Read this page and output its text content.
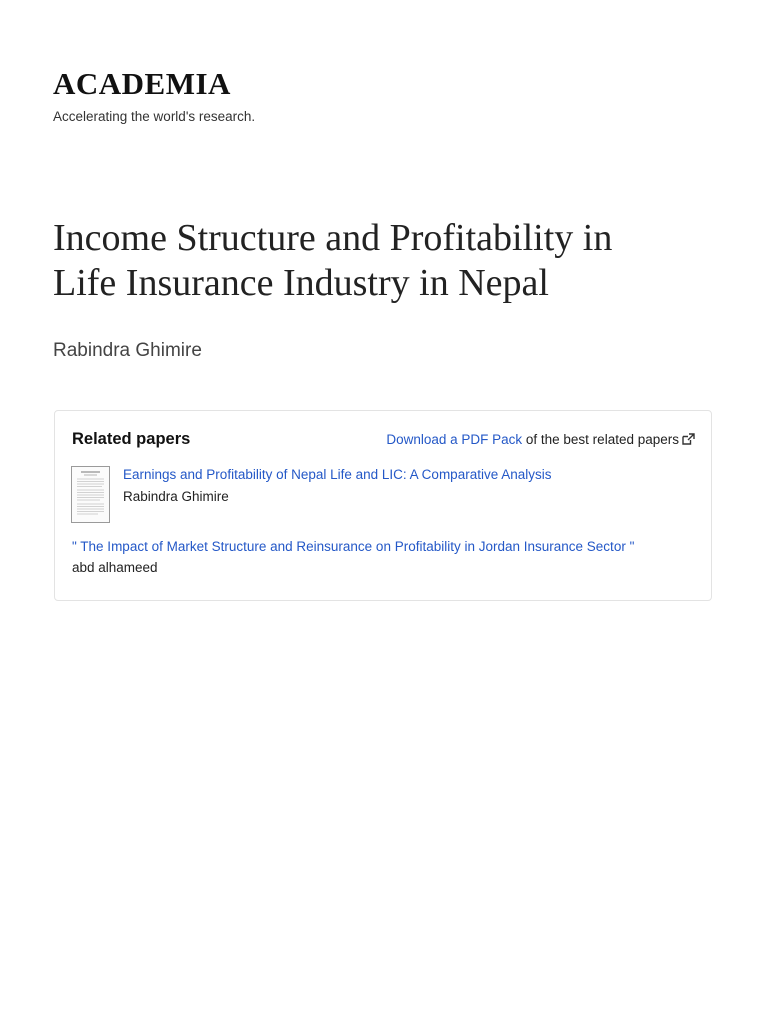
ACADEMIA
Accelerating the world's research.
Income Structure and Profitability in
Life Insurance Industry in Nepal
Rabindra Ghimire
Related papers	Download a PDF Pack of the best related papers
Earnings and Profitability of Nepal Life and LIC: A Comparative Analysis
Rabindra Ghimire
" The Impact of Market Structure and Reinsurance on Profitability in Jordan Insurance Sector "
abd alhameed
